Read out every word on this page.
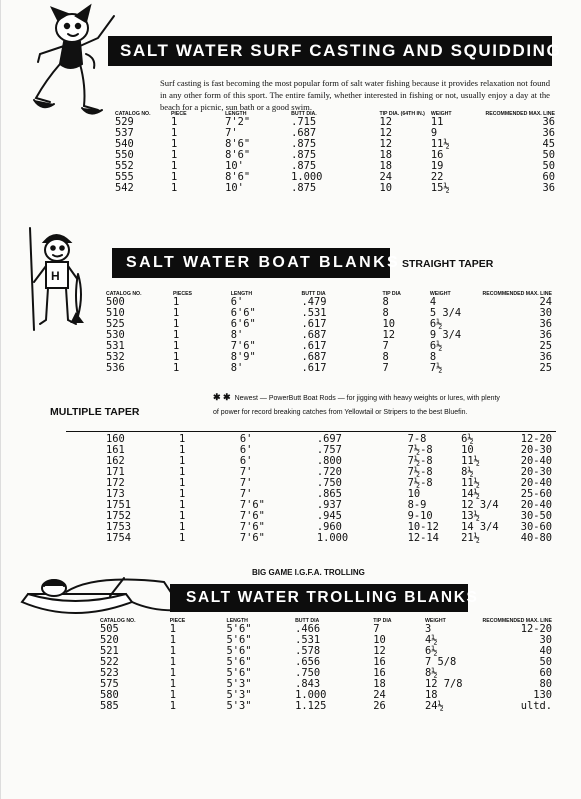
SALT WATER SURF CASTING AND SQUIDDING
Surf casting is fast becoming the most popular form of salt water fishing because it provides relaxation not found in any other form of this sport. The entire family, whether interested in fishing or not, usually enjoy a day at the beach for a picnic, sun bath or a good swim.
CATALOG NO.	PIECE	LENGTH	BUTT DIA.	TIP DIA. (64TH IN.)	WEIGHT	RECOMMENDED MAX. LINE
529	1	7'2"	.715	12	11	36
537	1	7'	.687	12	9	36
540	1	8'6"	.875	12	11½	45
550	1	8'6"	.875	18	16	50
552	1	10'	.875	18	19	50
555	1	8'6"	1.000	24	22	60
542	1	10'	.875	10	15½	36
H
SALT WATER BOAT BLANKS STRAIGHT TAPER
CATALOG NO.	PIECES	LENGTH	BUTT DIA	TIP DIA	WEIGHT	RECOMMENDED MAX. LINE
500	1	6'	.479	8	4	24
510	1	6'6"	.531	8	5 3/4	30
525	1	6'6"	.617	10	6½	36
530	1	8'	.687	12	9 3/4	36
531	1	7'6"	.617	7	6½	25
532	1	8'9"	.687	8	8	36
536	1	8'	.617	7	7½	25
MULTIPLE TAPER
✱ ✱ Newest — PowerButt Boat Rods — for jigging with heavy weights or lures, with plenty of power for record breaking catches from Yellowtail or Stripers to the best Bluefin.
160	1	6'	.697	7-8	6½	12-20
161	1	6'	.757	7½-8	10	20-30
162	1	6'	.800	7½-8	11½	20-40
171	1	7'	.720	7½-8	8½	20-30
172	1	7'	.750	7½-8	11½	20-40
173	1	7'	.865	10	14½	25-60
1751	1	7'6"	.937	8-9	12 3/4	20-40
1752	1	7'6"	.945	9-10	13½	30-50
1753	1	7'6"	.960	10-12	14 3/4	30-60
1754	1	7'6"	1.000	12-14	21½	40-80
BIG GAME I.G.F.A. TROLLING
SALT WATER TROLLING BLANKS
CATALOG NO.	PIECE	LENGTH	BUTT DIA	TIP DIA	WEIGHT	RECOMMENDED MAX. LINE
505	1	5'6"	.466	7	3	12-20
520	1	5'6"	.531	10	4½	30
521	1	5'6"	.578	12	6½	40
522	1	5'6"	.656	16	7 5/8	50
523	1	5'6"	.750	16	8½	60
575	1	5'3"	.843	18	12 7/8	80
580	1	5'3"	1.000	24	18	130
585	1	5'3"	1.125	26	24½	ultd.
